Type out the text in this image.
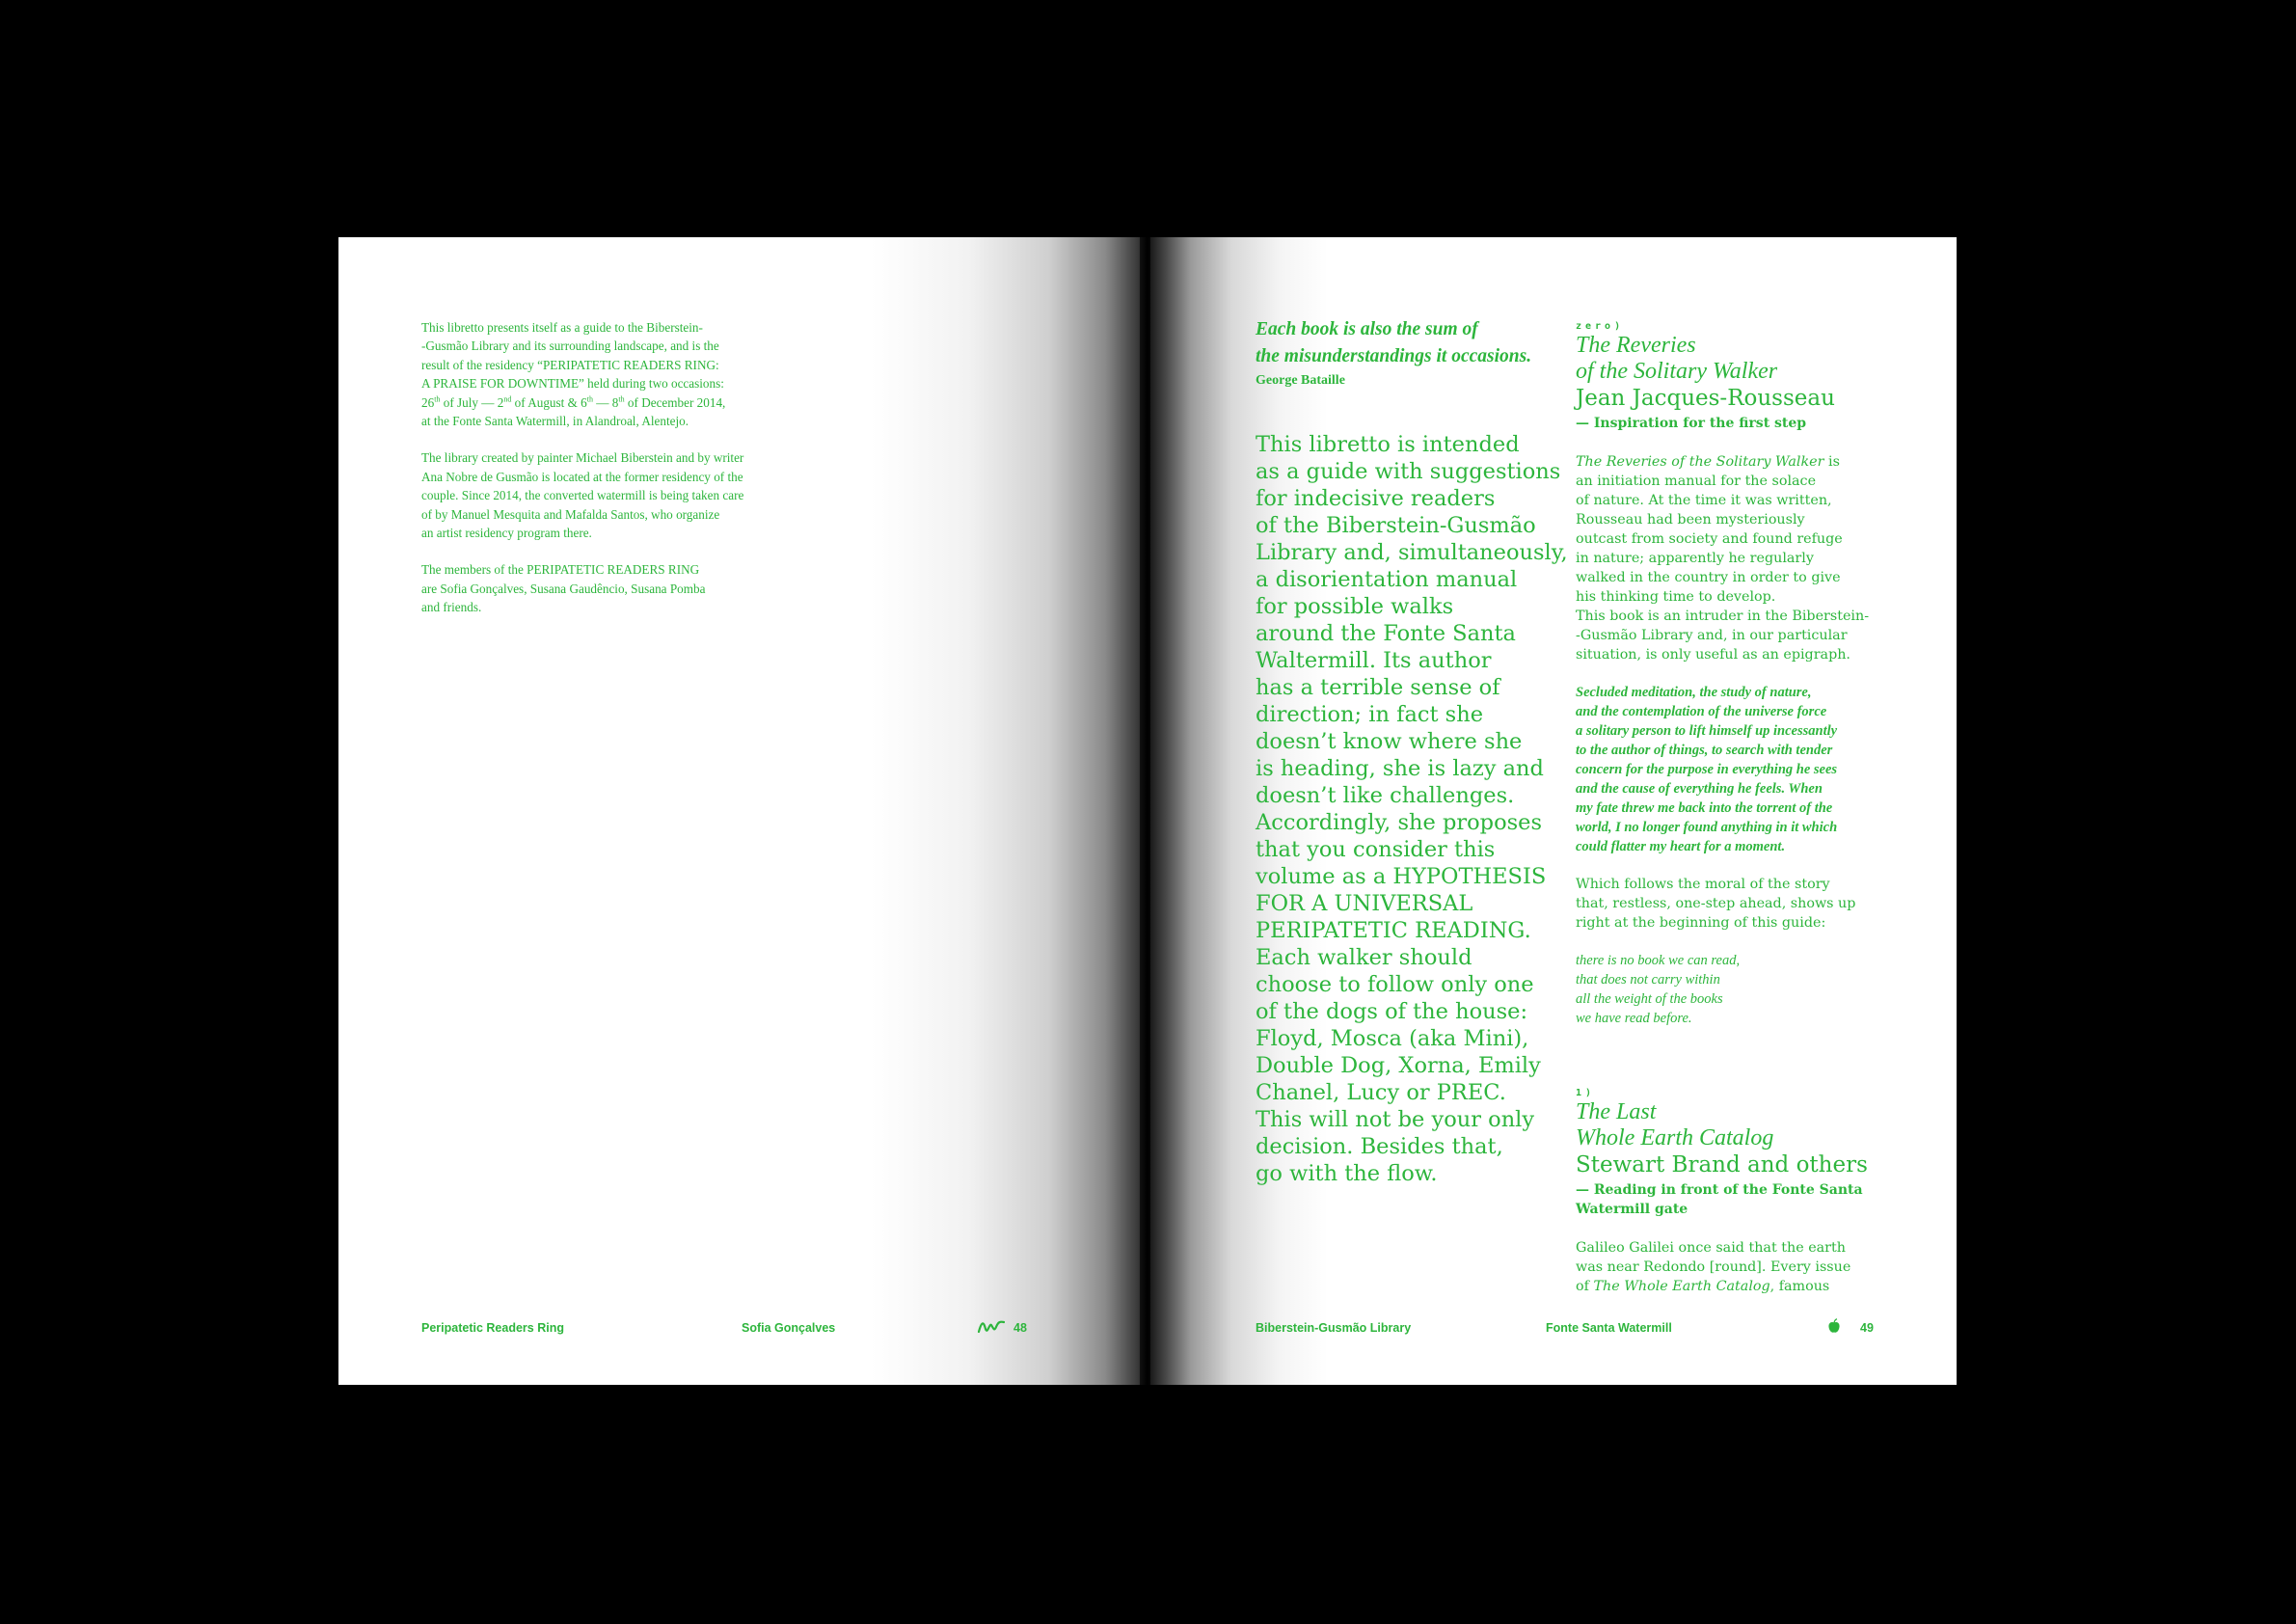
This libretto presents itself as a guide to the Biberstein-
-Gusmão Library and its surrounding landscape, and is the
result of the residency “PERIPATETIC READERS RING:
A PRAISE FOR DOWNTIME” held during two occasions:
26th of July — 2nd of August & 6th — 8th of December 2014,
at the Fonte Santa Watermill, in Alandroal, Alentejo.

The library created by painter Michael Biberstein and by writer
Ana Nobre de Gusmão is located at the former residency of the
couple. Since 2014, the converted watermill is being taken care
of by Manuel Mesquita and Mafalda Santos, who organize
an artist residency program there.

The members of the PERIPATETIC READERS RING
are Sofia Gonçalves, Susana Gaudêncio, Susana Pomba
and friends.

Peripatetic Readers Ring	Sofia Gonçalves	48
Each book is also the sum of
the misunderstandings it occasions.
George Bataille
This libretto is intended
as a guide with suggestions
for indecisive readers
of the Biberstein-Gusmão
Library and, simultaneously,
a disorientation manual
for possible walks
around the Fonte Santa
Waltermill. Its author
has a terrible sense of
direction; in fact she
doesn’t know where she
is heading, she is lazy and
doesn’t like challenges.
Accordingly, she proposes
that you consider this
volume as a HYPOTHESIS
FOR A UNIVERSAL
PERIPATETIC READING.
Each walker should
choose to follow only one
of the dogs of the house:
Floyd, Mosca (aka Mini),
Double Dog, Xorna, Emily
Chanel, Lucy or PREC.
This will not be your only
decision. Besides that,
go with the flow.
zero)
The Reveries
of the Solitary Walker
Jean Jacques-Rousseau
— Inspiration for the first step
The Reveries of the Solitary Walker is
an initiation manual for the solace
of nature. At the time it was written,
Rousseau had been mysteriously
outcast from society and found refuge
in nature; apparently he regularly
walked in the country in order to give
his thinking time to develop.
This book is an intruder in the Biberstein-
-Gusmão Library and, in our particular
situation, is only useful as an epigraph.
Secluded meditation, the study of nature,
and the contemplation of the universe force
a solitary person to lift himself up incessantly
to the author of things, to search with tender
concern for the purpose in everything he sees
and the cause of everything he feels. When
my fate threw me back into the torrent of the
world, I no longer found anything in it which
could flatter my heart for a moment.
Which follows the moral of the story
that, restless, one-step ahead, shows up
right at the beginning of this guide:
there is no book we can read,
that does not carry within
all the weight of the books
we have read before.
1)
The Last
Whole Earth Catalog
Stewart Brand and others
— Reading in front of the Fonte Santa
Watermill gate
Galileo Galilei once said that the earth
was near Redondo [round]. Every issue
of The Whole Earth Catalog, famous
Biberstein-Gusmão Library	Fonte Santa Watermill	49
